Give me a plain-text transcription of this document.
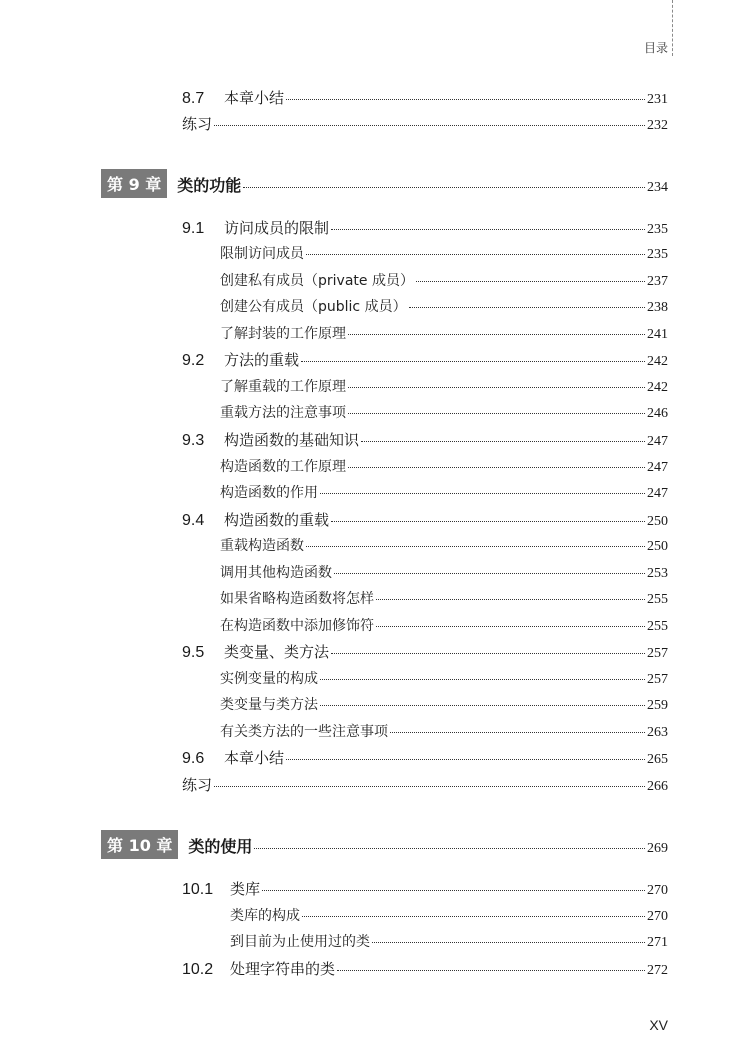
目录
8.7	本章小结	231
练习	232
第 9 章	类的功能	234
9.1	访问成员的限制	235
限制访问成员	235
创建私有成员（private 成员）	237
创建公有成员（public 成员）	238
了解封装的工作原理	241
9.2	方法的重载	242
了解重载的工作原理	242
重载方法的注意事项	246
9.3	构造函数的基础知识	247
构造函数的工作原理	247
构造函数的作用	247
9.4	构造函数的重载	250
重载构造函数	250
调用其他构造函数	253
如果省略构造函数将怎样	255
在构造函数中添加修饰符	255
9.5	类变量、类方法	257
实例变量的构成	257
类变量与类方法	259
有关类方法的一些注意事项	263
9.6	本章小结	265
练习	266
第 10 章	类的使用	269
10.1	类库	270
类库的构成	270
到目前为止使用过的类	271
10.2	处理字符串的类	272
XV
